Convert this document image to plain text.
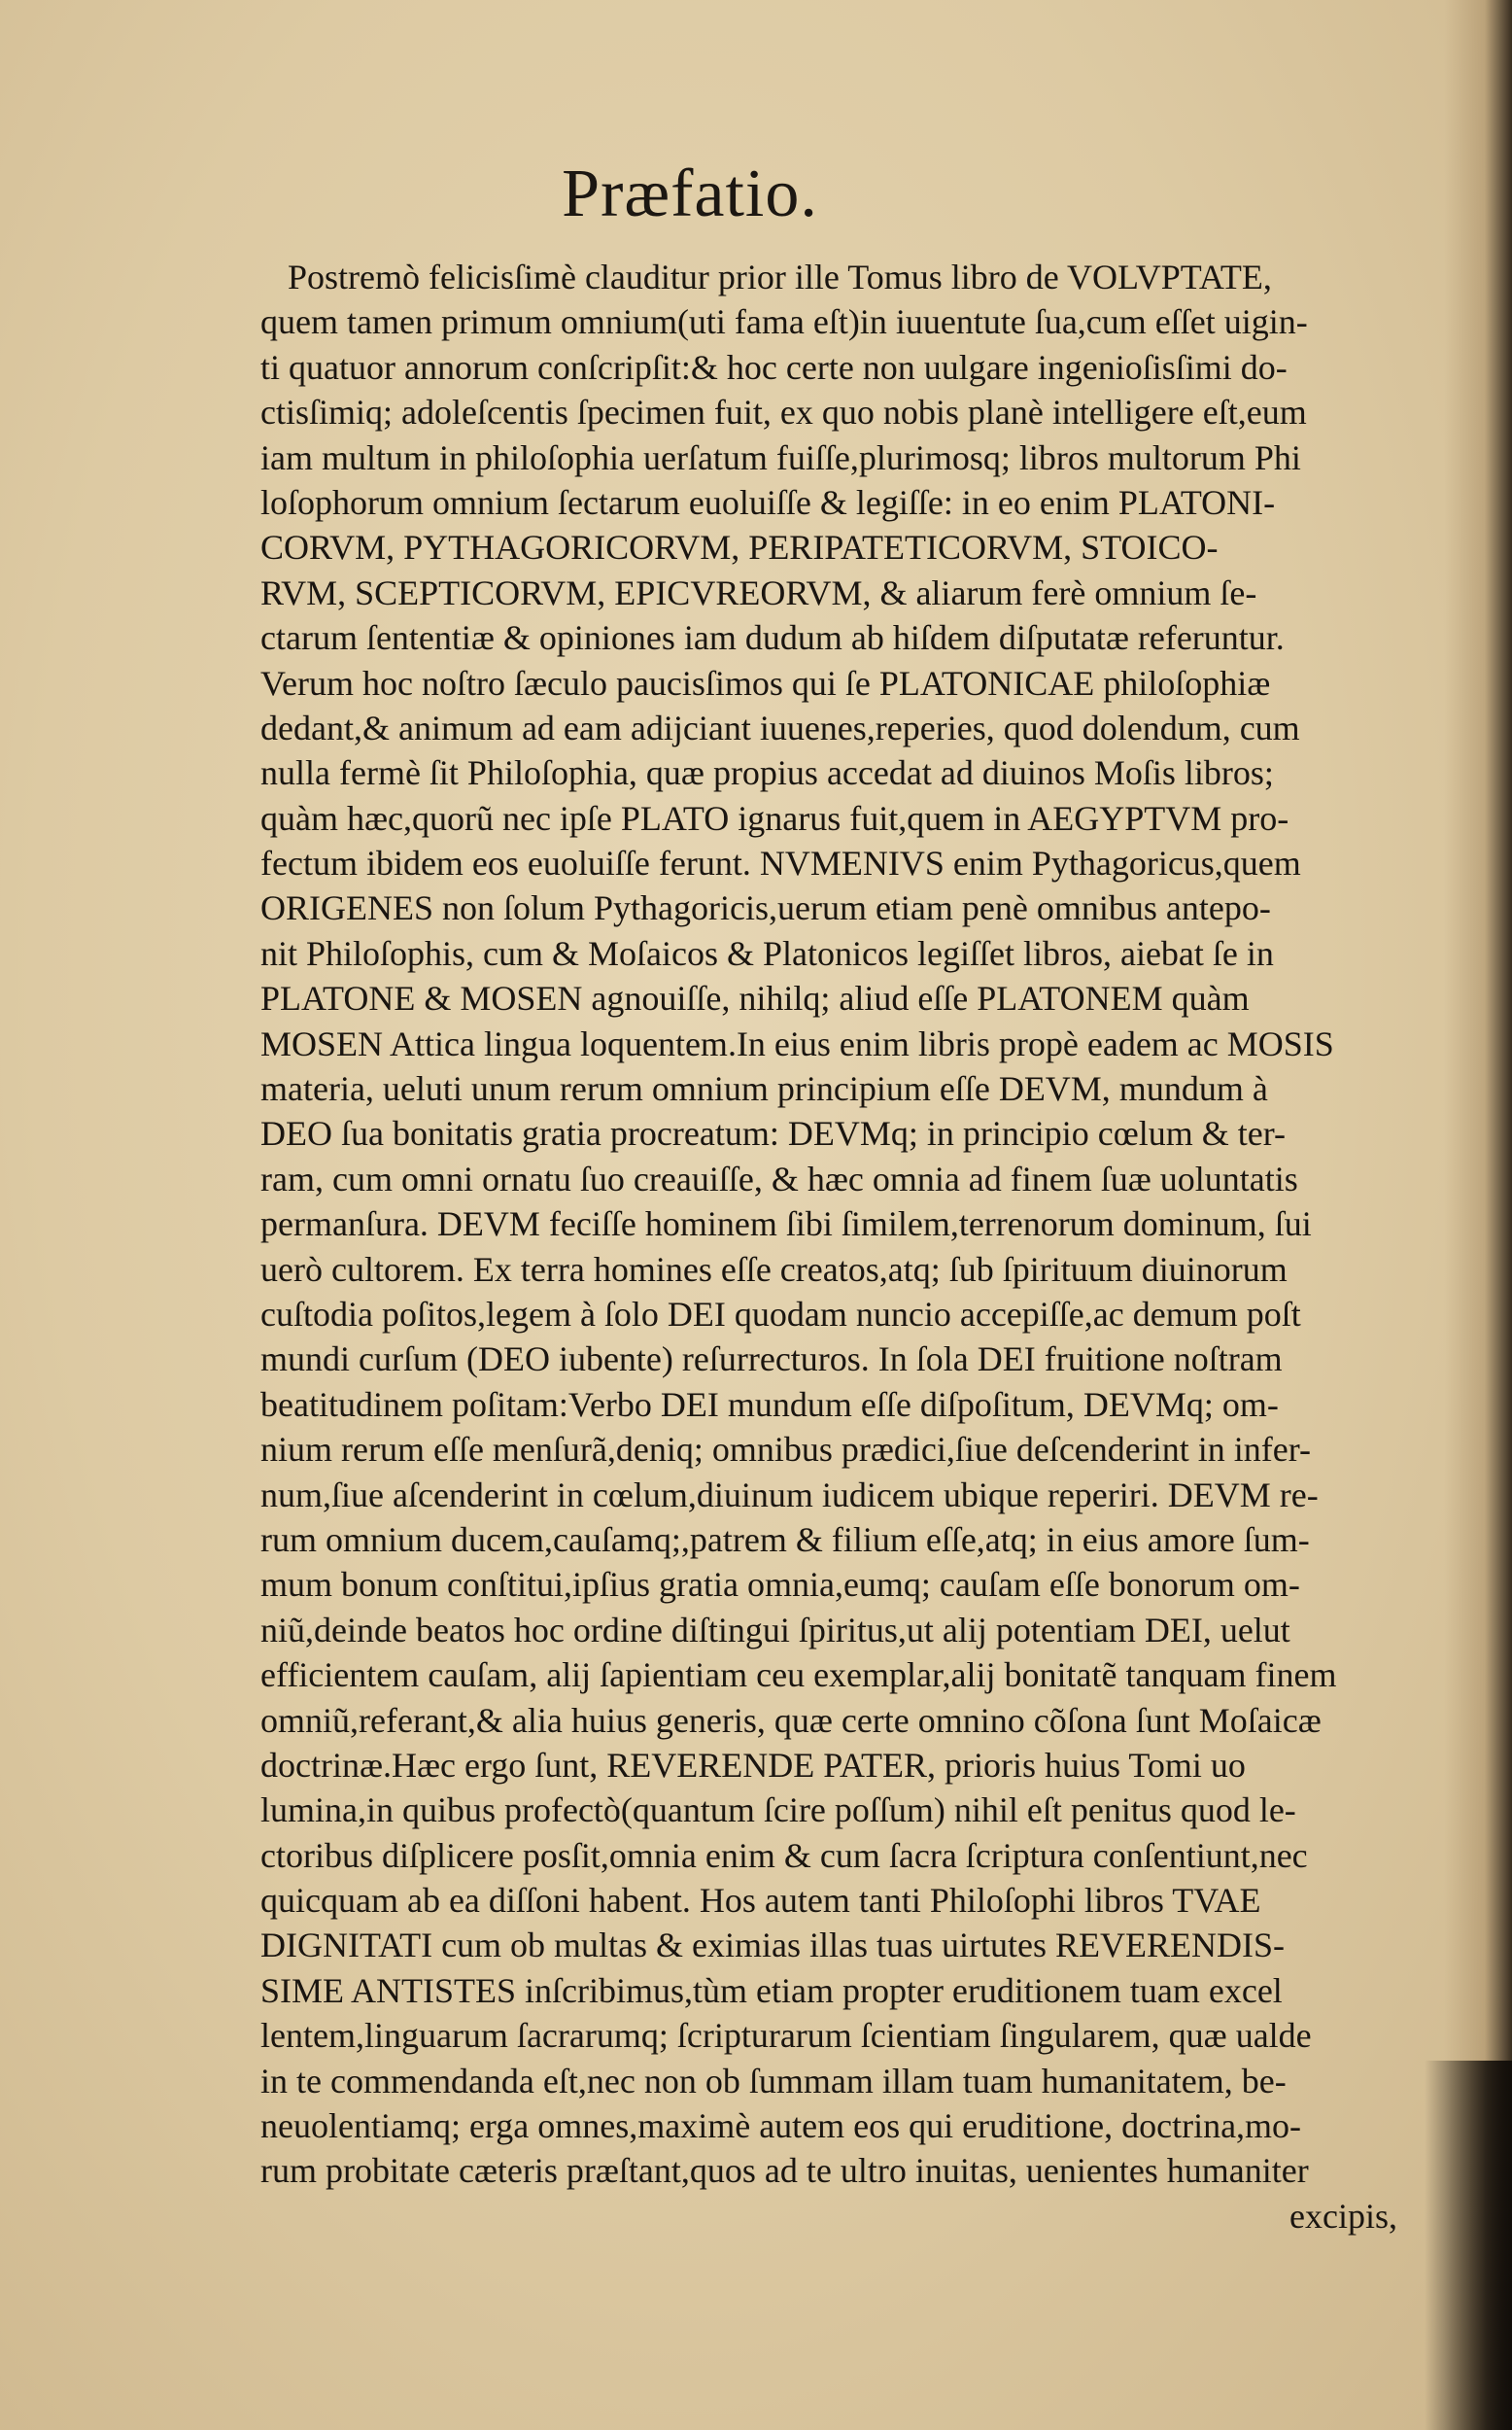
Præfatio.
Postremò felicisſimè clauditur prior ille Tomus libro de VOLVPTATE,
quem tamen primum omnium(uti fama eſt)in iuuentute ſua,cum eſſet uigin-
ti quatuor annorum conſcripſit:& hoc certe non uulgare ingenioſisſimi do-
ctisſimiq; adoleſcentis ſpecimen fuit, ex quo nobis planè intelligere eſt,eum
iam multum in philoſophia uerſatum fuiſſe,plurimosq; libros multorum Phi
loſophorum omnium ſectarum euoluiſſe & legiſſe: in eo enim PLATONI-
CORVM, PYTHAGORICORVM, PERIPATETICORVM, STOICO-
RVM, SCEPTICORVM, EPICVREORVM, & aliarum ferè omnium ſe-
ctarum ſententiæ & opiniones iam dudum ab hiſdem diſputatæ referuntur.
Verum hoc noſtro ſæculo paucisſimos qui ſe PLATONICAE philoſophiæ
dedant,& animum ad eam adijciant iuuenes,reperies, quod dolendum, cum
nulla fermè ſit Philoſophia, quæ propius accedat ad diuinos Moſis libros;
quàm hæc,quorũ nec ipſe PLATO ignarus fuit,quem in AEGYPTVM pro-
fectum ibidem eos euoluiſſe ferunt. NVMENIVS enim Pythagoricus,quem
ORIGENES non ſolum Pythagoricis,uerum etiam penè omnibus antepo-
nit Philoſophis, cum & Moſaicos & Platonicos legiſſet libros, aiebat ſe in
PLATONE & MOSEN agnouiſſe, nihilq; aliud eſſe PLATONEM quàm
MOSEN Attica lingua loquentem.In eius enim libris propè eadem ac MOSIS
materia, ueluti unum rerum omnium principium eſſe DEVM, mundum à
DEO ſua bonitatis gratia procreatum: DEVMq; in principio cœlum & ter-
ram, cum omni ornatu ſuo creauiſſe, & hæc omnia ad finem ſuæ uoluntatis
permanſura. DEVM feciſſe hominem ſibi ſimilem,terrenorum dominum, ſui
uerò cultorem. Ex terra homines eſſe creatos,atq; ſub ſpirituum diuinorum
cuſtodia poſitos,legem à ſolo DEI quodam nuncio accepiſſe,ac demum poſt
mundi curſum (DEO iubente) reſurrecturos. In ſola DEI fruitione noſtram
beatitudinem poſitam:Verbo DEI mundum eſſe diſpoſitum, DEVMq; om-
nium rerum eſſe menſurã,deniq; omnibus prædici,ſiue deſcenderint in infer-
num,ſiue aſcenderint in cœlum,diuinum iudicem ubique reperiri. DEVM re-
rum omnium ducem,cauſamq;,patrem & filium eſſe,atq; in eius amore ſum-
mum bonum conſtitui,ipſius gratia omnia,eumq; cauſam eſſe bonorum om-
niũ,deinde beatos hoc ordine diſtingui ſpiritus,ut alij potentiam DEI, uelut
efficientem cauſam, alij ſapientiam ceu exemplar,alij bonitatẽ tanquam finem
omniũ,referant,& alia huius generis, quæ certe omnino cõſona ſunt Moſaicæ
doctrinæ.Hæc ergo ſunt, REVERENDE PATER, prioris huius Tomi uo
lumina,in quibus profectò(quantum ſcire poſſum) nihil eſt penitus quod le-
ctoribus diſplicere posſit,omnia enim & cum ſacra ſcriptura conſentiunt,nec
quicquam ab ea diſſoni habent. Hos autem tanti Philoſophi libros TVAE
DIGNITATI cum ob multas & eximias illas tuas uirtutes REVERENDIS-
SIME ANTISTES inſcribimus,tùm etiam propter eruditionem tuam excel
lentem,linguarum ſacrarumq; ſcripturarum ſcientiam ſingularem, quæ ualde
in te commendanda eſt,nec non ob ſummam illam tuam humanitatem, be-
neuolentiamq; erga omnes,maximè autem eos qui eruditione, doctrina,mo-
rum probitate cæteris præſtant,quos ad te ultro inuitas, uenientes humaniter
excipis,
